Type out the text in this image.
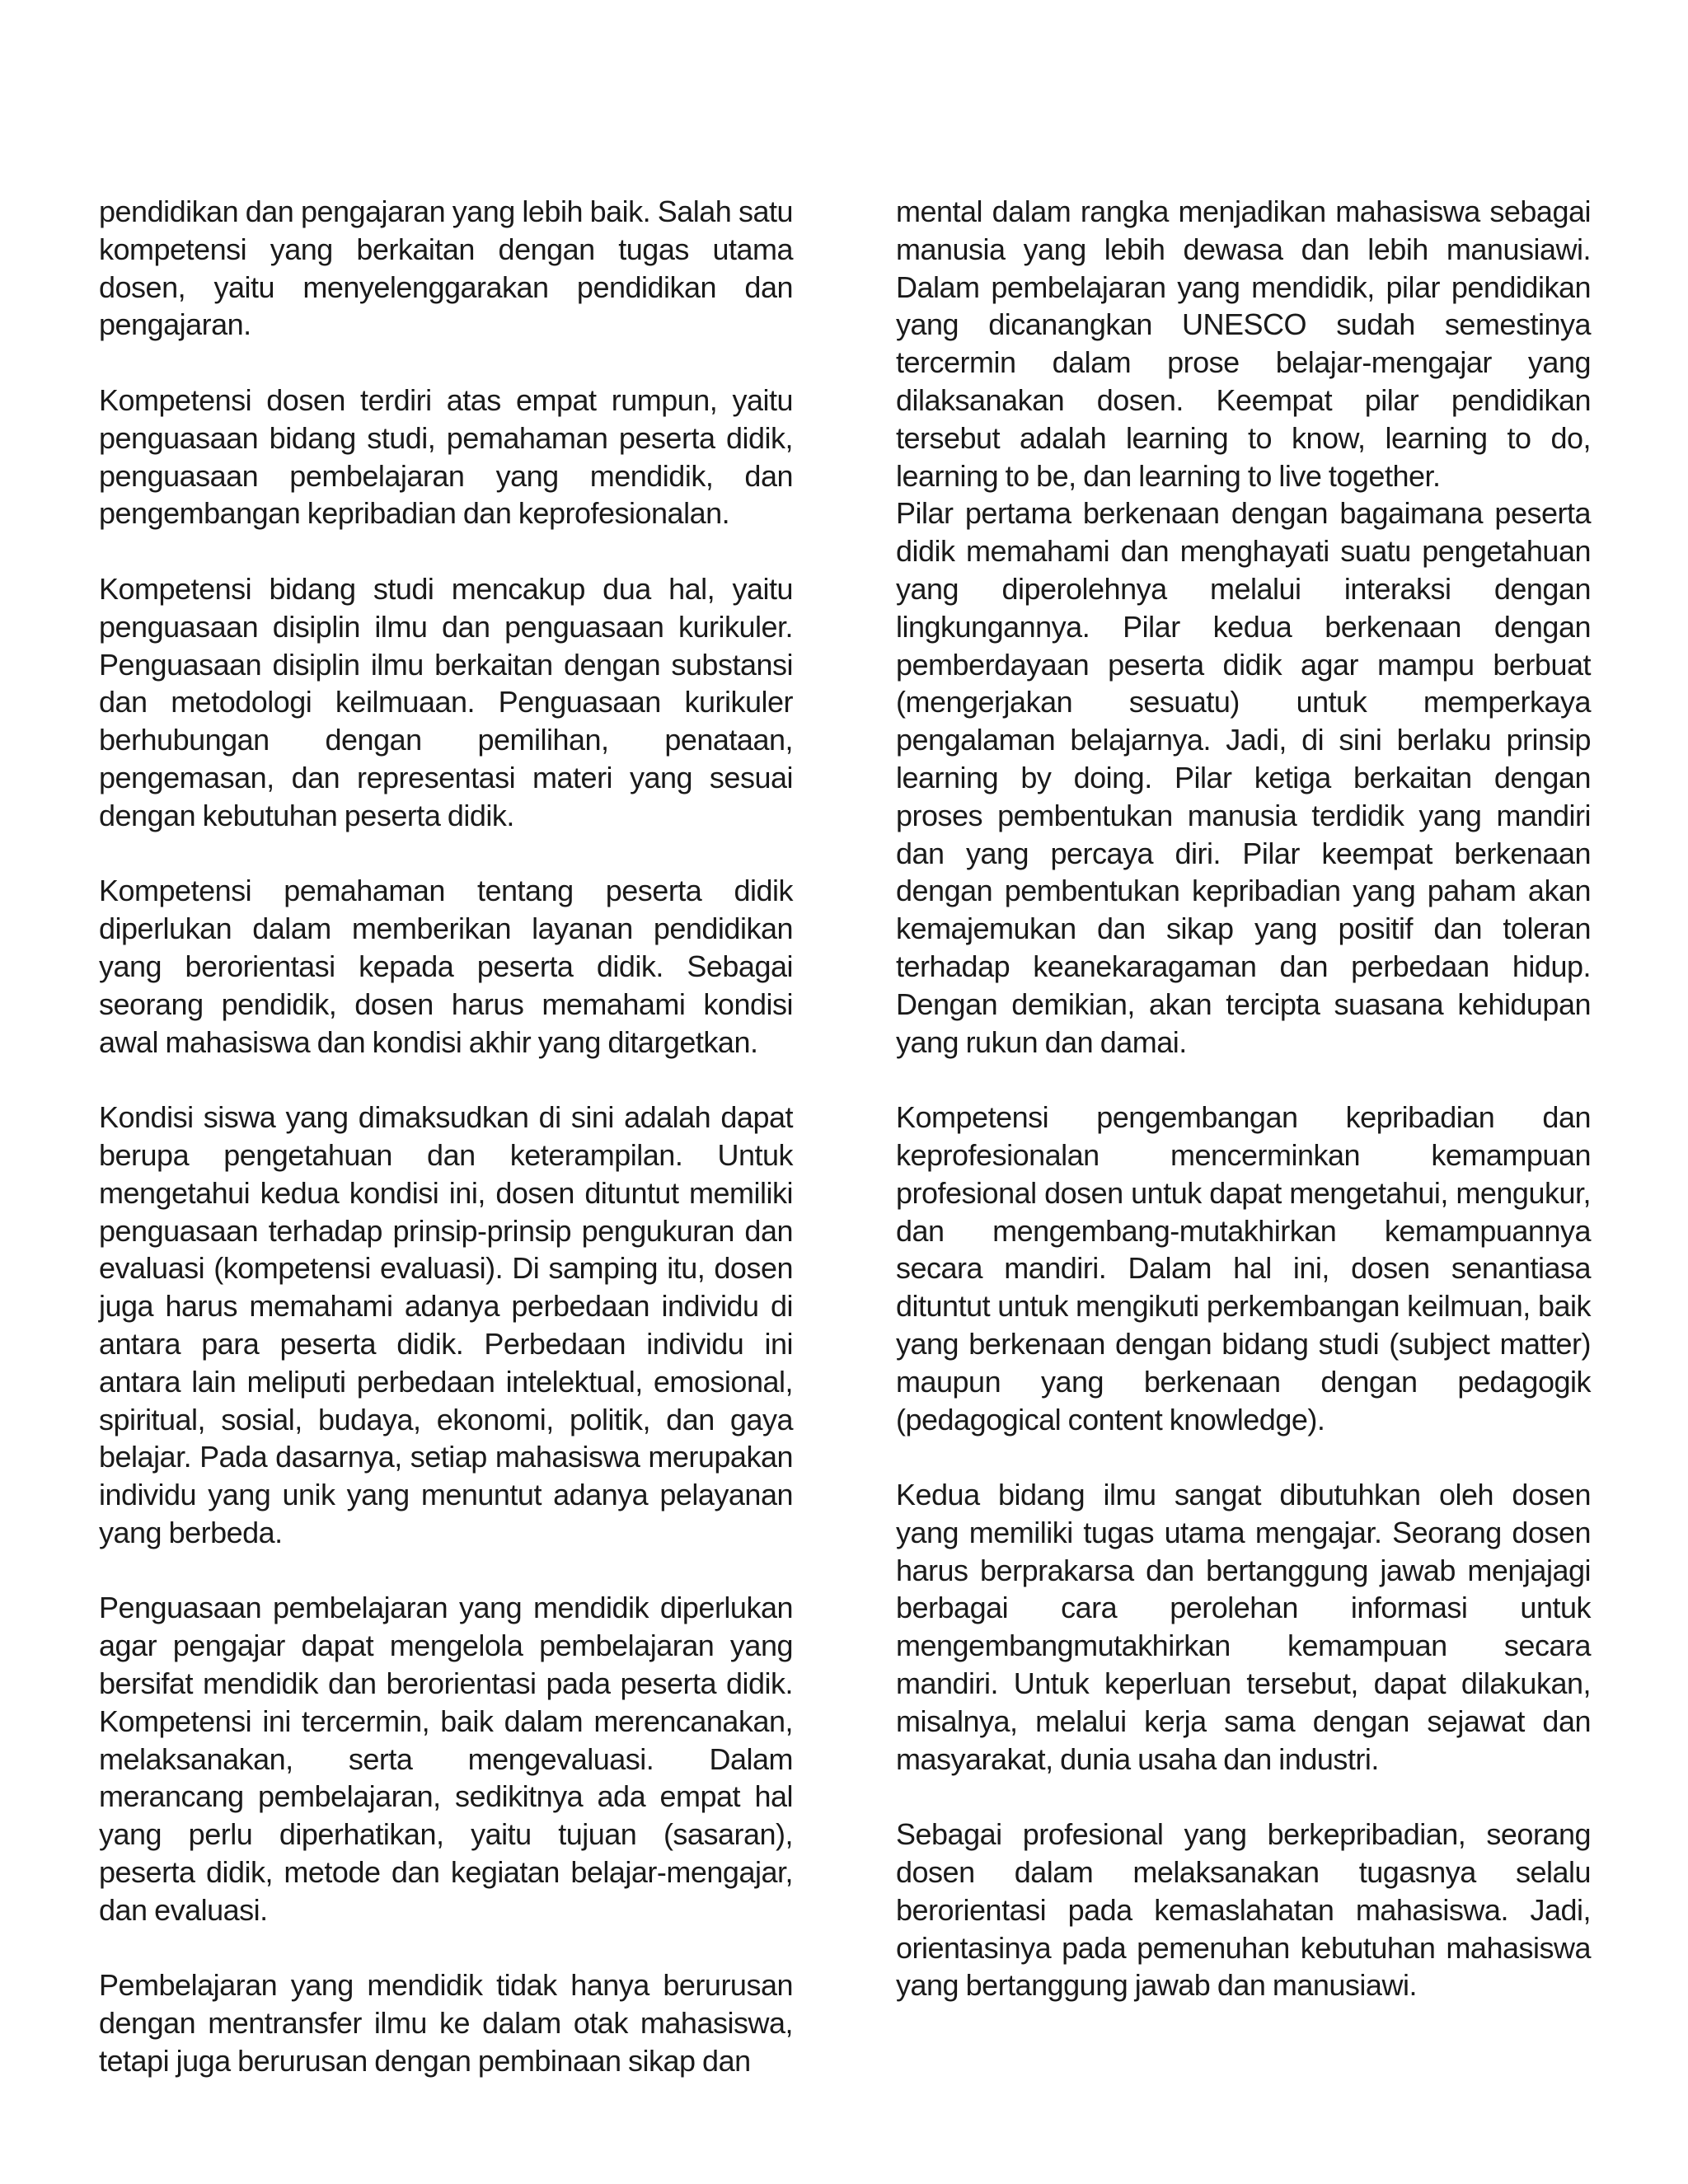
pendidikan dan pengajaran yang lebih baik. Salah satu kompetensi yang berkaitan dengan tugas utama dosen, yaitu menyelenggarakan pendidikan dan pengajaran.

Kompetensi dosen terdiri atas empat rumpun, yaitu penguasaan bidang studi, pemahaman peserta didik, penguasaan pembelajaran yang mendidik, dan pengembangan kepribadian dan keprofesionalan.

Kompetensi bidang studi mencakup dua hal, yaitu penguasaan disiplin ilmu dan penguasaan kurikuler. Penguasaan disiplin ilmu berkaitan dengan substansi dan metodologi keilmuaan. Penguasaan kurikuler berhubungan dengan pemilihan, penataan, pengemasan, dan representasi materi yang sesuai dengan kebutuhan peserta didik.

Kompetensi pemahaman tentang peserta didik diperlukan dalam memberikan layanan pendidikan yang berorientasi kepada peserta didik. Sebagai seorang pendidik, dosen harus memahami kondisi awal mahasiswa dan kondisi akhir yang ditargetkan.

Kondisi siswa yang dimaksudkan di sini adalah dapat berupa pengetahuan dan keterampilan. Untuk mengetahui kedua kondisi ini, dosen dituntut memiliki penguasaan terhadap prinsip-prinsip pengukuran dan evaluasi (kompetensi evaluasi). Di samping itu, dosen juga harus memahami adanya perbedaan individu di antara para peserta didik. Perbedaan individu ini antara lain meliputi perbedaan intelektual, emosional, spiritual, sosial, budaya, ekonomi, politik, dan gaya belajar. Pada dasarnya, setiap mahasiswa merupakan individu yang unik yang menuntut adanya pelayanan yang berbeda.

Penguasaan pembelajaran yang mendidik diperlukan agar pengajar dapat mengelola pembelajaran yang bersifat mendidik dan berorientasi pada peserta didik. Kompetensi ini tercermin, baik dalam merencanakan, melaksanakan, serta mengevaluasi. Dalam merancang pembelajaran, sedikitnya ada empat hal yang perlu diperhatikan, yaitu tujuan (sasaran), peserta didik, metode dan kegiatan belajar-mengajar, dan evaluasi.

Pembelajaran yang mendidik tidak hanya berurusan dengan mentransfer ilmu ke dalam otak mahasiswa, tetapi juga berurusan dengan pembinaan sikap dan

mental dalam rangka menjadikan mahasiswa sebagai manusia yang lebih dewasa dan lebih manusiawi. Dalam pembelajaran yang mendidik, pilar pendidikan yang dicanangkan UNESCO sudah semestinya tercermin dalam prose belajar-mengajar yang dilaksanakan dosen. Keempat pilar pendidikan tersebut adalah learning to know, learning to do, learning to be, dan learning to live together.

Pilar pertama berkenaan dengan bagaimana peserta didik memahami dan menghayati suatu pengetahuan yang diperolehnya melalui interaksi dengan lingkungannya. Pilar kedua berkenaan dengan pemberdayaan peserta didik agar mampu berbuat (mengerjakan sesuatu) untuk memperkaya pengalaman belajarnya. Jadi, di sini berlaku prinsip learning by doing. Pilar ketiga berkaitan dengan proses pembentukan manusia terdidik yang mandiri dan yang percaya diri. Pilar keempat berkenaan dengan pembentukan kepribadian yang paham akan kemajemukan dan sikap yang positif dan toleran terhadap keanekaragaman dan perbedaan hidup. Dengan demikian, akan tercipta suasana kehidupan yang rukun dan damai.

Kompetensi pengembangan kepribadian dan keprofesionalan mencerminkan kemampuan profesional dosen untuk dapat mengetahui, mengukur, dan mengembang-mutakhirkan kemampuannya secara mandiri. Dalam hal ini, dosen senantiasa dituntut untuk mengikuti perkembangan keilmuan, baik yang berkenaan dengan bidang studi (subject matter) maupun yang berkenaan dengan pedagogik (pedagogical content knowledge).

Kedua bidang ilmu sangat dibutuhkan oleh dosen yang memiliki tugas utama mengajar. Seorang dosen harus berprakarsa dan bertanggung jawab menjajagi berbagai cara perolehan informasi untuk mengembangmutakhirkan kemampuan secara mandiri. Untuk keperluan tersebut, dapat dilakukan, misalnya, melalui kerja sama dengan sejawat dan masyarakat, dunia usaha dan industri.

Sebagai profesional yang berkepribadian, seorang dosen dalam melaksanakan tugasnya selalu berorientasi pada kemaslahatan mahasiswa. Jadi, orientasinya pada pemenuhan kebutuhan mahasiswa yang bertanggung jawab dan manusiawi.
